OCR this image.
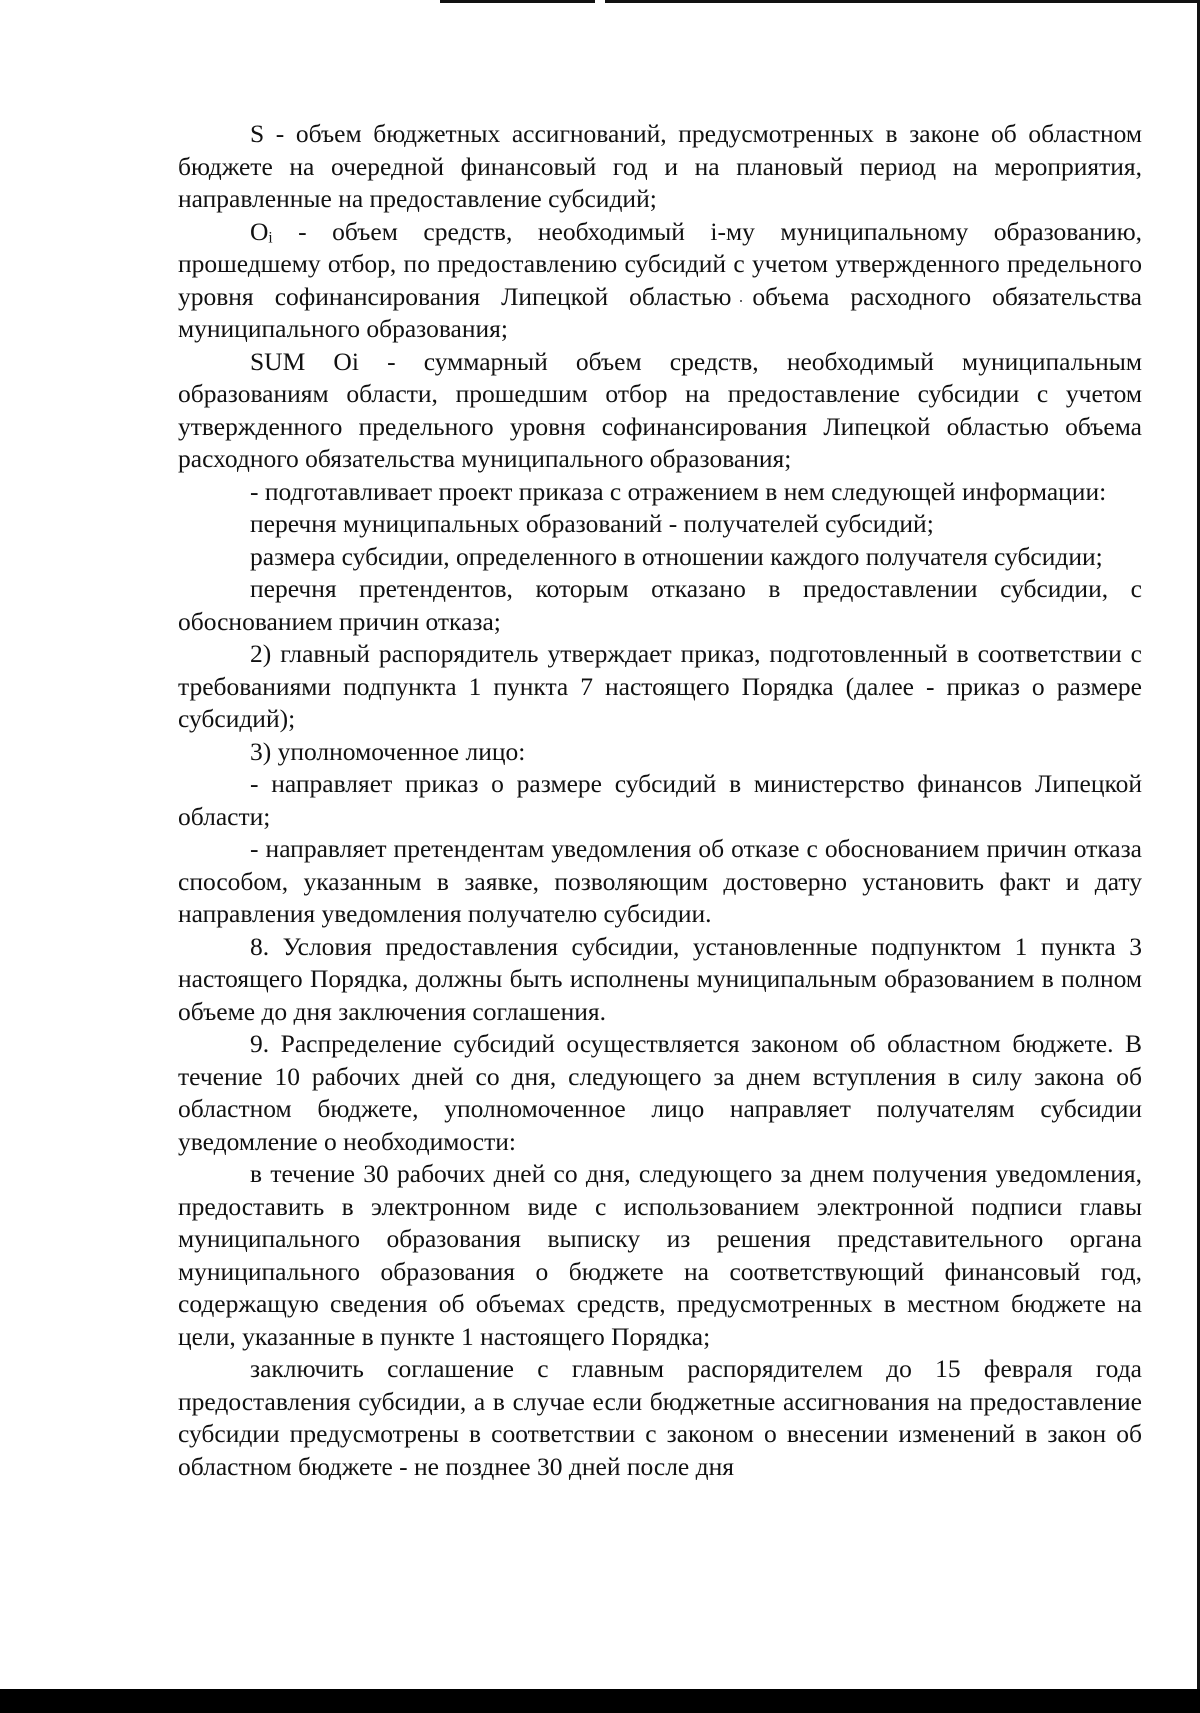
S - объем бюджетных ассигнований, предусмотренных в законе об областном бюджете на очередной финансовый год и на плановый период на мероприятия, направленные на предоставление субсидий;

Oᵢ - объем средств, необходимый i-му муниципальному образованию, прошедшему отбор, по предоставлению субсидий с учетом утвержденного предельного уровня софинансирования Липецкой областью объема расходного обязательства муниципального образования;

SUM Oi - суммарный объем средств, необходимый муниципальным образованиям области, прошедшим отбор на предоставление субсидии с учетом утвержденного предельного уровня софинансирования Липецкой областью объема расходного обязательства муниципального образования;

- подготавливает проект приказа с отражением в нем следующей информации:

перечня муниципальных образований - получателей субсидий;

размера субсидии, определенного в отношении каждого получателя субсидии;

перечня претендентов, которым отказано в предоставлении субсидии, с обоснованием причин отказа;

2) главный распорядитель утверждает приказ, подготовленный в соответствии с требованиями подпункта 1 пункта 7 настоящего Порядка (далее - приказ о размере субсидий);

3) уполномоченное лицо:

- направляет приказ о размере субсидий в министерство финансов Липецкой области;

- направляет претендентам уведомления об отказе с обоснованием причин отказа способом, указанным в заявке, позволяющим достоверно установить факт и дату направления уведомления получателю субсидии.

8. Условия предоставления субсидии, установленные подпунктом 1 пункта 3 настоящего Порядка, должны быть исполнены муниципальным образованием в полном объеме до дня заключения соглашения.

9. Распределение субсидий осуществляется законом об областном бюджете. В течение 10 рабочих дней со дня, следующего за днем вступления в силу закона об областном бюджете, уполномоченное лицо направляет получателям субсидии уведомление о необходимости:

в течение 30 рабочих дней со дня, следующего за днем получения уведомления, предоставить в электронном виде с использованием электронной подписи главы муниципального образования выписку из решения представительного органа муниципального образования о бюджете на соответствующий финансовый год, содержащую сведения об объемах средств, предусмотренных в местном бюджете на цели, указанные в пункте 1 настоящего Порядка;

заключить соглашение с главным распорядителем до 15 февраля года предоставления субсидии, а в случае если бюджетные ассигнования на предоставление субсидии предусмотрены в соответствии с законом о внесении изменений в закон об областном бюджете - не позднее 30 дней после дня
